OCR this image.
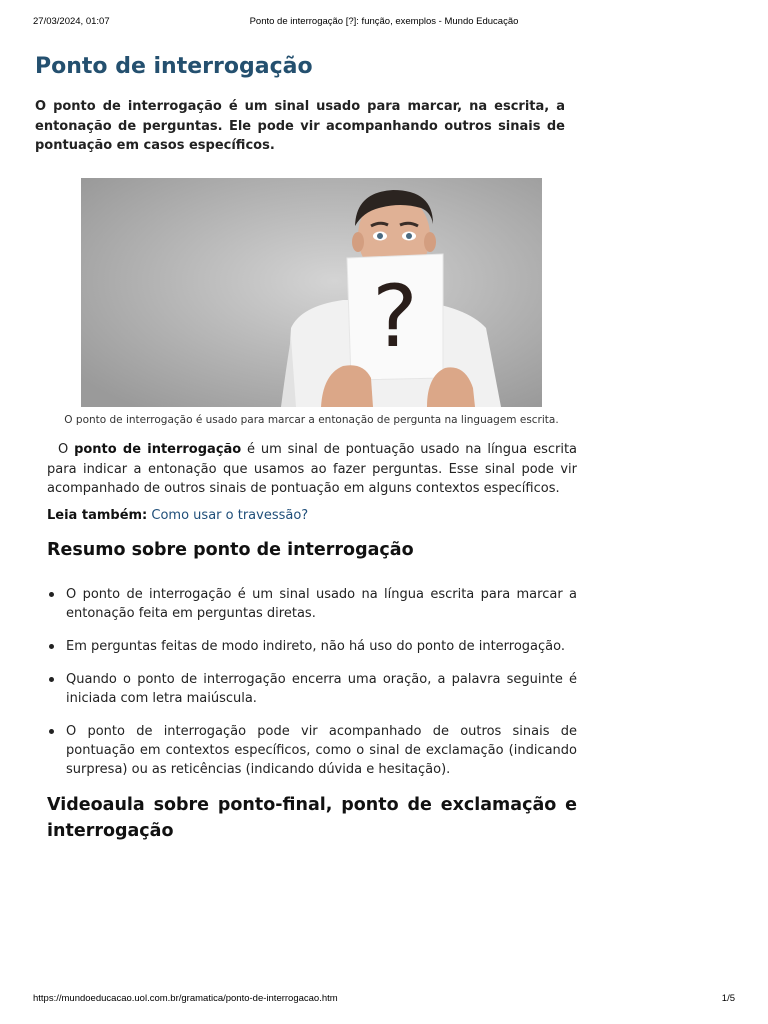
27/03/2024, 01:07	Ponto de interrogação [?]: função, exemplos - Mundo Educação
Ponto de interrogação

O ponto de interrogação é um sinal usado para marcar, na escrita, a entonação de perguntas. Ele pode vir acompanhando outros sinais de pontuação em casos específicos.

?

O ponto de interrogação é usado para marcar a entonação de pergunta na linguagem escrita.

O ponto de interrogação é um sinal de pontuação usado na língua escrita para indicar a entonação que usamos ao fazer perguntas. Esse sinal pode vir acompanhado de outros sinais de pontuação em alguns contextos específicos.

Leia também: Como usar o travessão?

Resumo sobre ponto de interrogação
O ponto de interrogação é um sinal usado na língua escrita para marcar a entonação feita em perguntas diretas.
Em perguntas feitas de modo indireto, não há uso do ponto de interrogação.
Quando o ponto de interrogação encerra uma oração, a palavra seguinte é iniciada com letra maiúscula.
O ponto de interrogação pode vir acompanhado de outros sinais de pontuação em contextos específicos, como o sinal de exclamação (indicando surpresa) ou as reticências (indicando dúvida e hesitação).
Videoaula sobre ponto-final, ponto de exclamação e interrogação
https://mundoeducacao.uol.com.br/gramatica/ponto-de-interrogacao.htm	1/5
